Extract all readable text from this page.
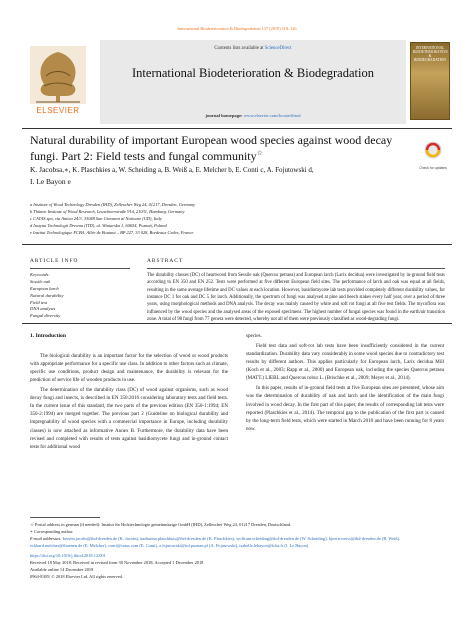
International Biodeterioration & Biodegradation 137 (2019) 118–126
ELSEVIER
Contents lists available at ScienceDirect
International Biodeterioration & Biodegradation
journal homepage: www.elsevier.com/locate/ibiod
INTERNATIONAL BIODETERIORATION & BIODEGRADATION
Natural durability of important European wood species against wood decay fungi. Part 2: Field tests and fungal community☆
Check for updates
K. Jacobsa,∗, K. Plaschkies a, W. Scheiding a, B. Weiß a, E. Melcher b, E. Conti c, A. Fojutowski d,
I. Le Bayon e
a Institute of Wood Technology Dresden (IHD), Zellescher Weg 24, 01217, Dresden, Germany
b Thünen Institute of Wood Research, Leuschnerstraße 91d, 21031, Hamburg, Germany
c CATAS spa, via Antica 24/3, 33048 San Giovanni al Natisone (UD), Italy
d Instytut Technologii Drewna (ITD), ul. Winiarska 1, 60654, Poznań, Poland
e Institut Technologique FCBA, Allée de Boutaut – BP 227, 33 028, Bordeaux Cedex, France
ARTICLE INFO
Keywords:
Sessile oak
European larch
Natural durability
Field test
DNA analysis
Fungal diversity
ABSTRACT
The durability classes (DC) of heartwood from Sessile oak (Quercus petraea) and European larch (Larix decidua) were investigated by in-ground field tests according to EN 350 and EN 252. Tests were performed at five different European field sites. The performance of larch and oak was equal at all fields, resulting in the same average lifetime and DC values at each location. However, basidiomycete lab tests provided completely different durability values, for instance DC 1 for oak and DC 5 for larch. Additionally, the spectrum of fungi was analysed at pine and beech stakes every half year, over a period of three years, using morphological methods and DNA analysis. The decay was mainly caused by white and soft rot fungi at all five test fields. The mycoflora was influenced by the wood species and the analysed areas of the exposed specimens. The highest number of fungal species was found in the earth/air transition zone. A total of 98 fungi from 77 genera were detected, whereby not all of them were previously classified as wood-degrading fungi.
1. Introduction

The biological durability is an important factor for the selection of wood or wood products with appropriate performance for a specific use class. In addition to other factors such as climate, specific use conditions, product design and maintenance, the durability is relevant for the prediction of service life of wooden products in use.

The determination of the durability class (DC) of wood against organisms, such as wood decay fungi and insects, is described in EN 350:2016 considering laboratory tests and field tests. In the current issue of this standard, the two parts of the previous edition (EN 350-1:1994; EN 350-2:1994) are merged together. The previous part 2 (Guideline on biological durability and impregnability of wood species with a commercial importance in Europe, including durability classes) is now attached as informative Annex B. Furthermore, the durability data have been revised and completed with results of tests against basidiomycete fungi and in-ground contact tests for additional wood

species.

Field test data and soft-rot lab tests have been insufficiently considered in the current standardization. Durability data vary considerably in some wood species due to contradictory test results by different authors. This applies particularly for European larch, Larix decidua Mill (Koch et al., 2003; Rapp et al., 2000) and European oak, including the species Quercus petraea (MATT.) LIEBL and Quercus robur L. (Brischke et al., 2009; Meyer et al., 2014).

In this paper, results of in-ground field tests at five European sites are presented, whose aim was the determination of durability of oak and larch and the identification of the main fungi involved in wood decay. In the first part of this paper, the results of corresponding lab tests were reported (Plaschkies et al., 2014). The temporal gap to the publication of the first part is caused by the long-term field tests, which were started in March 2010 and have been running for 8 years now.

☆ Postal address in german (if needed): Institut für Holztechnologie gemeinnützige GmbH (IHD), Zellescher Weg 24, 01217 Dresden, Deutschland.
∗ Corresponding author.
E-mail addresses: kerstin.jacobs@ihd-dresden.de (K. Jacobs), katharina.plaschkies@ihd-dresden.de (K. Plaschkies), wolfram.scheiding@ihd-dresden.de (W. Scheiding), bjoern.weiss@ihd-dresden.de (B. Weiß), eckhard.melcher@thuenen.de (E. Melcher), conti@catas.com (E. Conti), a.fojutowski@itd.poznan.pl (A. Fojutowski), isabelle.lebayon@fcba.fr (I. Le Bayon).
https://doi.org/10.1016/j.ibiod.2018.12.001
Received 18 May 2018; Received in revised form 30 November 2018; Accepted 1 December 2018
Available online 14 December 2018
0964-8305/ © 2018 Elsevier Ltd. All rights reserved.
